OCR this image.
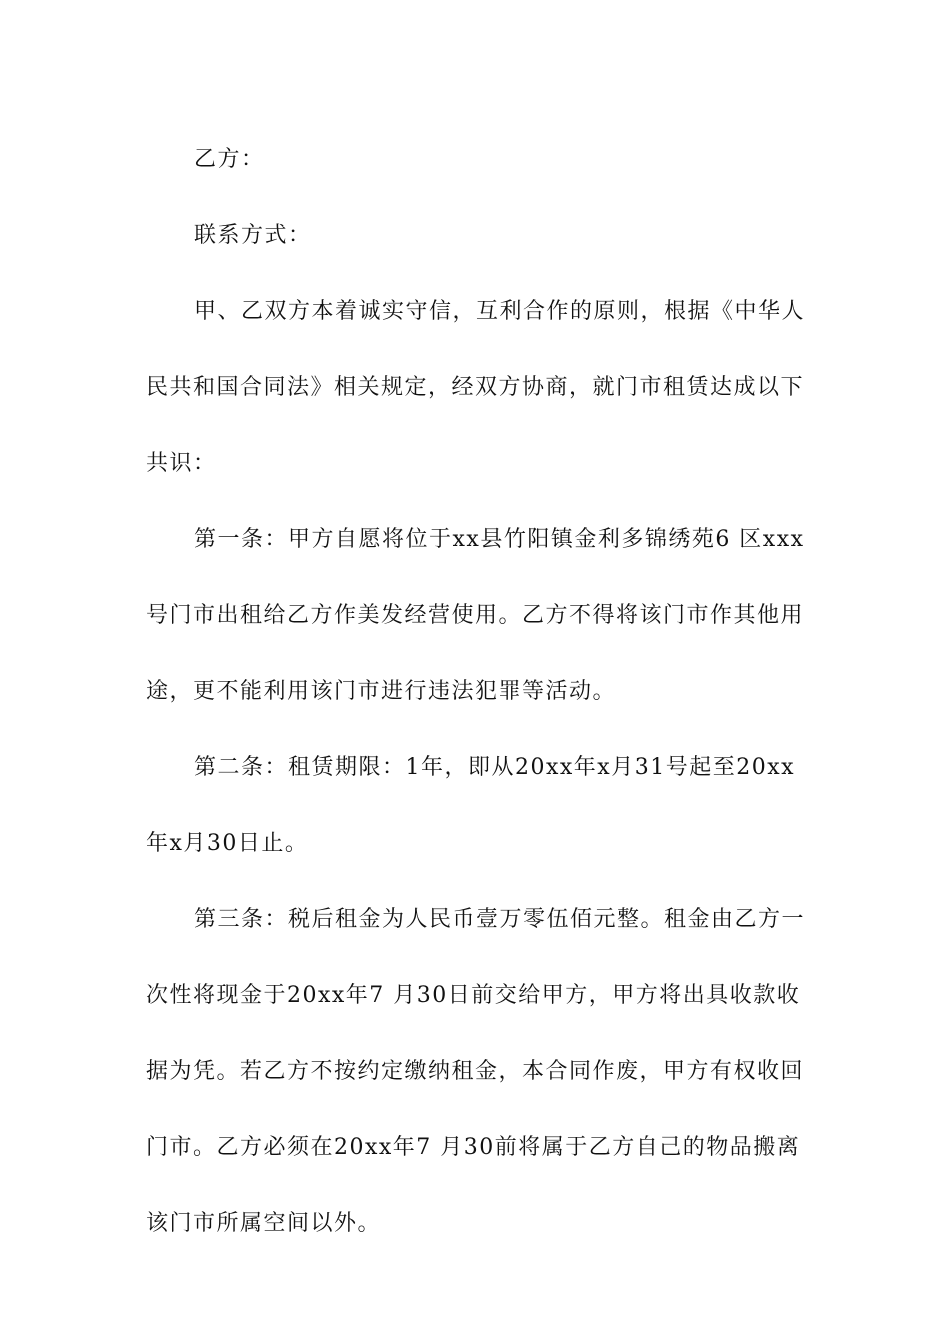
乙方：

联系方式：

甲、乙双方本着诚实守信，互利合作的原则，根据《中华人民共和国合同法》相关规定，经双方协商，就门市租赁达成以下共识：

第一条：甲方自愿将位于xx县竹阳镇金利多锦绣苑6 区xxx 号门市出租给乙方作美发经营使用。乙方不得将该门市作其他用途，更不能利用该门市进行违法犯罪等活动。

第二条：租赁期限：1年，即从20xx年x月31号起至20xx年x月30日止。

第三条：税后租金为人民币壹万零伍佰元整。租金由乙方一次性将现金于20xx年7 月30日前交给甲方，甲方将出具收款收据为凭。若乙方不按约定缴纳租金，本合同作废，甲方有权收回门市。乙方必须在20xx年7 月30前将属于乙方自己的物品搬离该门市所属空间以外。
